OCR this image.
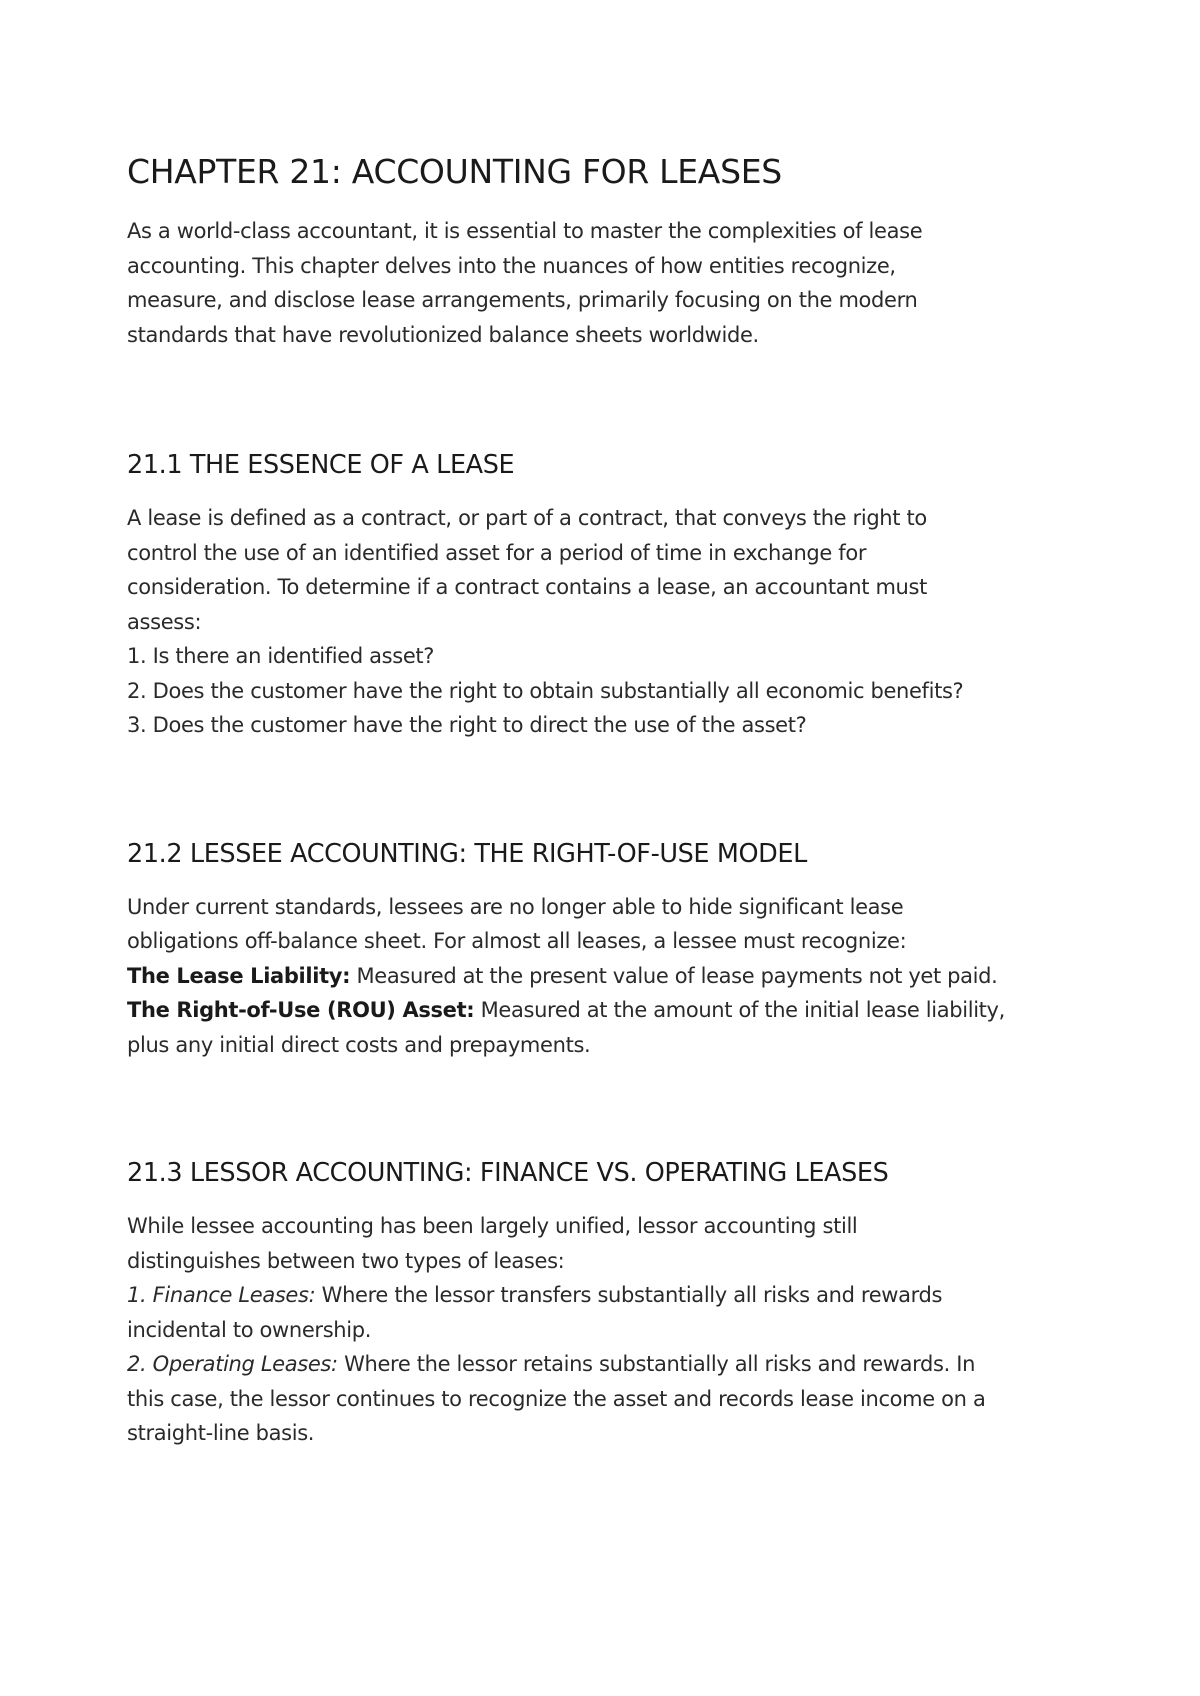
CHAPTER 21: ACCOUNTING FOR LEASES

As a world-class accountant, it is essential to master the complexities of lease
accounting. This chapter delves into the nuances of how entities recognize,
measure, and disclose lease arrangements, primarily focusing on the modern
standards that have revolutionized balance sheets worldwide.

21.1 THE ESSENCE OF A LEASE

A lease is defined as a contract, or part of a contract, that conveys the right to
control the use of an identified asset for a period of time in exchange for
consideration. To determine if a contract contains a lease, an accountant must
assess:
1. Is there an identified asset?
2. Does the customer have the right to obtain substantially all economic benefits?
3. Does the customer have the right to direct the use of the asset?

21.2 LESSEE ACCOUNTING: THE RIGHT-OF-USE MODEL

Under current standards, lessees are no longer able to hide significant lease
obligations off-balance sheet. For almost all leases, a lessee must recognize:
The Lease Liability: Measured at the present value of lease payments not yet paid.
The Right-of-Use (ROU) Asset: Measured at the amount of the initial lease liability,
plus any initial direct costs and prepayments.

21.3 LESSOR ACCOUNTING: FINANCE VS. OPERATING LEASES

While lessee accounting has been largely unified, lessor accounting still
distinguishes between two types of leases:
1. Finance Leases: Where the lessor transfers substantially all risks and rewards
incidental to ownership.
2. Operating Leases: Where the lessor retains substantially all risks and rewards. In
this case, the lessor continues to recognize the asset and records lease income on a
straight-line basis.
